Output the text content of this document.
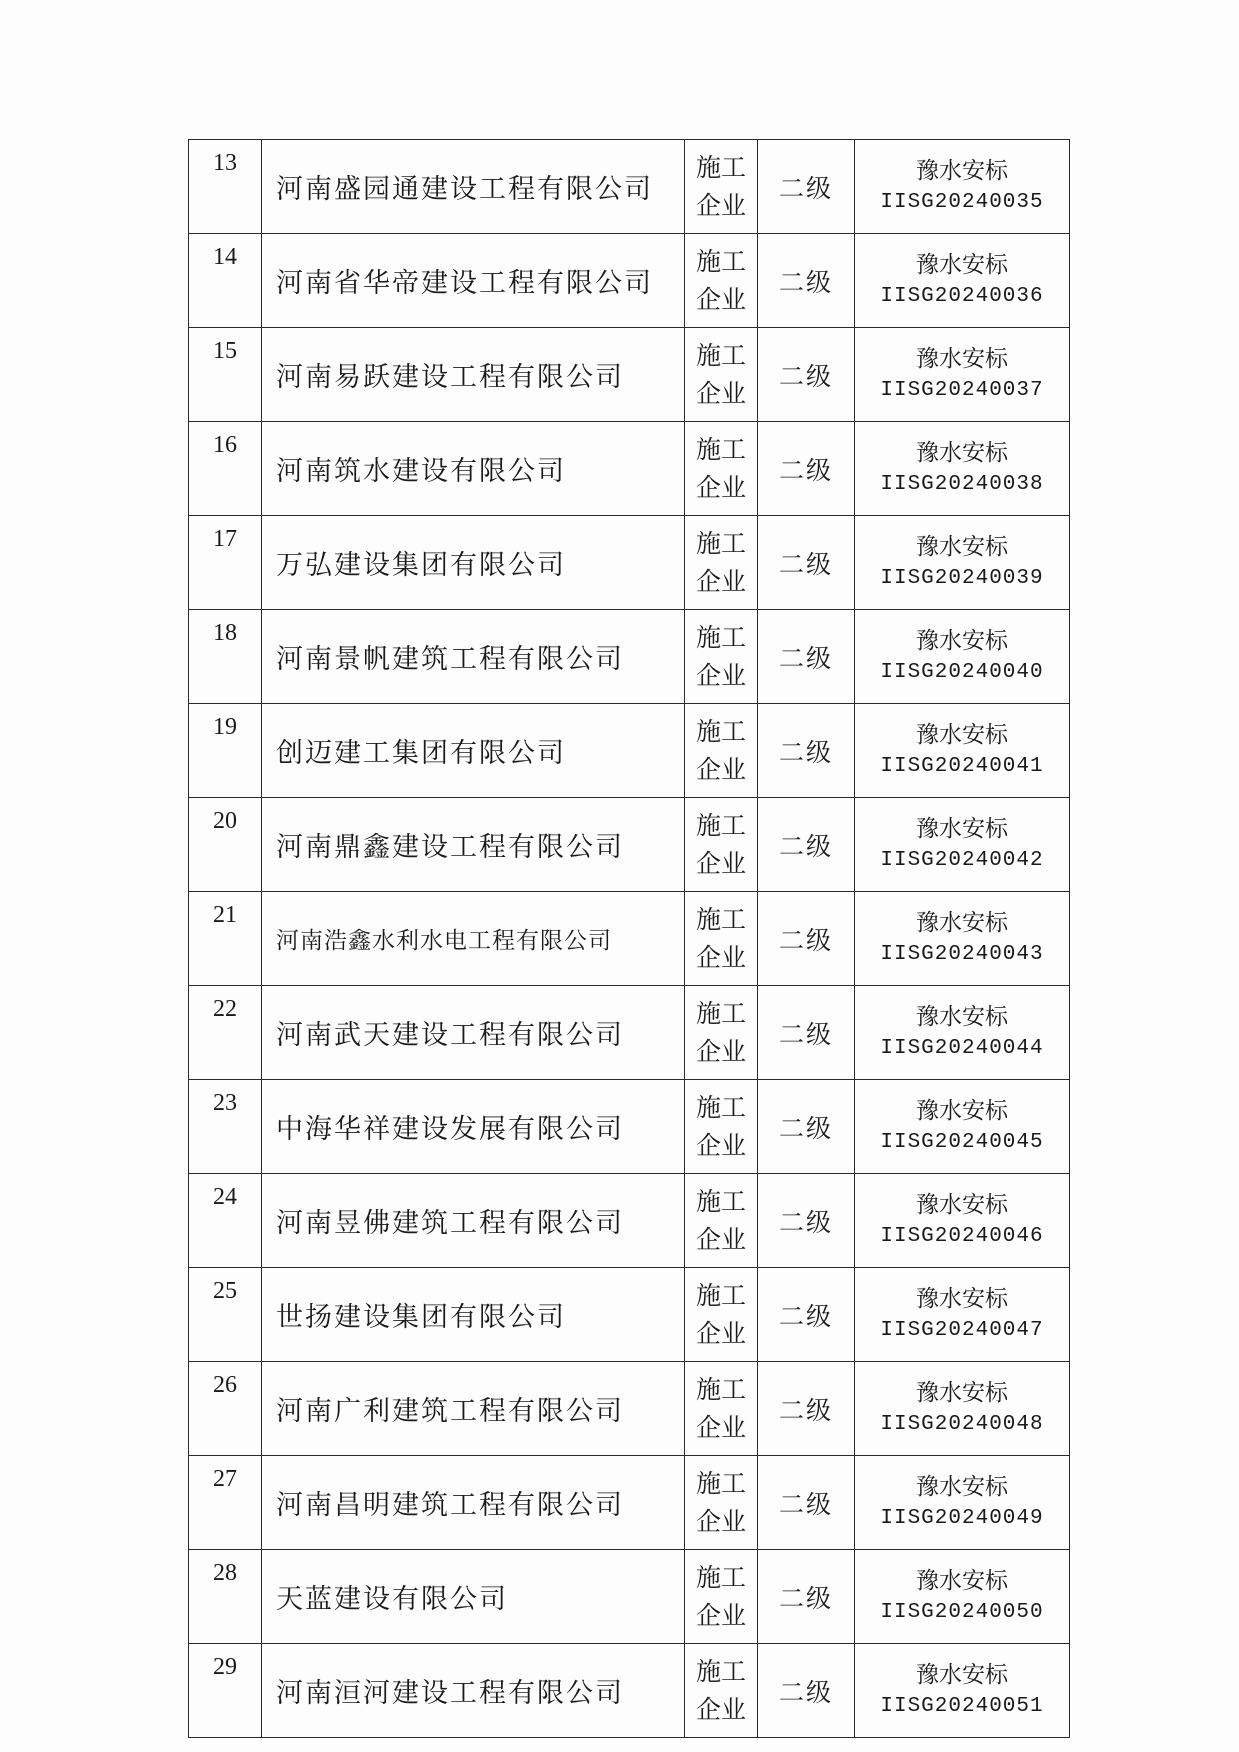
13	河南盛园通建设工程有限公司	施工
企业	二级	豫水安标
IISG20240035

14	河南省华帝建设工程有限公司	施工
企业	二级	豫水安标
IISG20240036

15	河南易跃建设工程有限公司	施工
企业	二级	豫水安标
IISG20240037

16	河南筑水建设有限公司	施工
企业	二级	豫水安标
IISG20240038

17	万弘建设集团有限公司	施工
企业	二级	豫水安标
IISG20240039

18	河南景帆建筑工程有限公司	施工
企业	二级	豫水安标
IISG20240040

19	创迈建工集团有限公司	施工
企业	二级	豫水安标
IISG20240041

20	河南鼎鑫建设工程有限公司	施工
企业	二级	豫水安标
IISG20240042

21	河南浩鑫水利水电工程有限公司	施工
企业	二级	豫水安标
IISG20240043

22	河南武天建设工程有限公司	施工
企业	二级	豫水安标
IISG20240044

23	中海华祥建设发展有限公司	施工
企业	二级	豫水安标
IISG20240045

24	河南昱佛建筑工程有限公司	施工
企业	二级	豫水安标
IISG20240046

25	世扬建设集团有限公司	施工
企业	二级	豫水安标
IISG20240047

26	河南广利建筑工程有限公司	施工
企业	二级	豫水安标
IISG20240048

27	河南昌明建筑工程有限公司	施工
企业	二级	豫水安标
IISG20240049

28	天蓝建设有限公司	施工
企业	二级	豫水安标
IISG20240050

29	河南洹河建设工程有限公司	施工
企业	二级	豫水安标
IISG20240051
